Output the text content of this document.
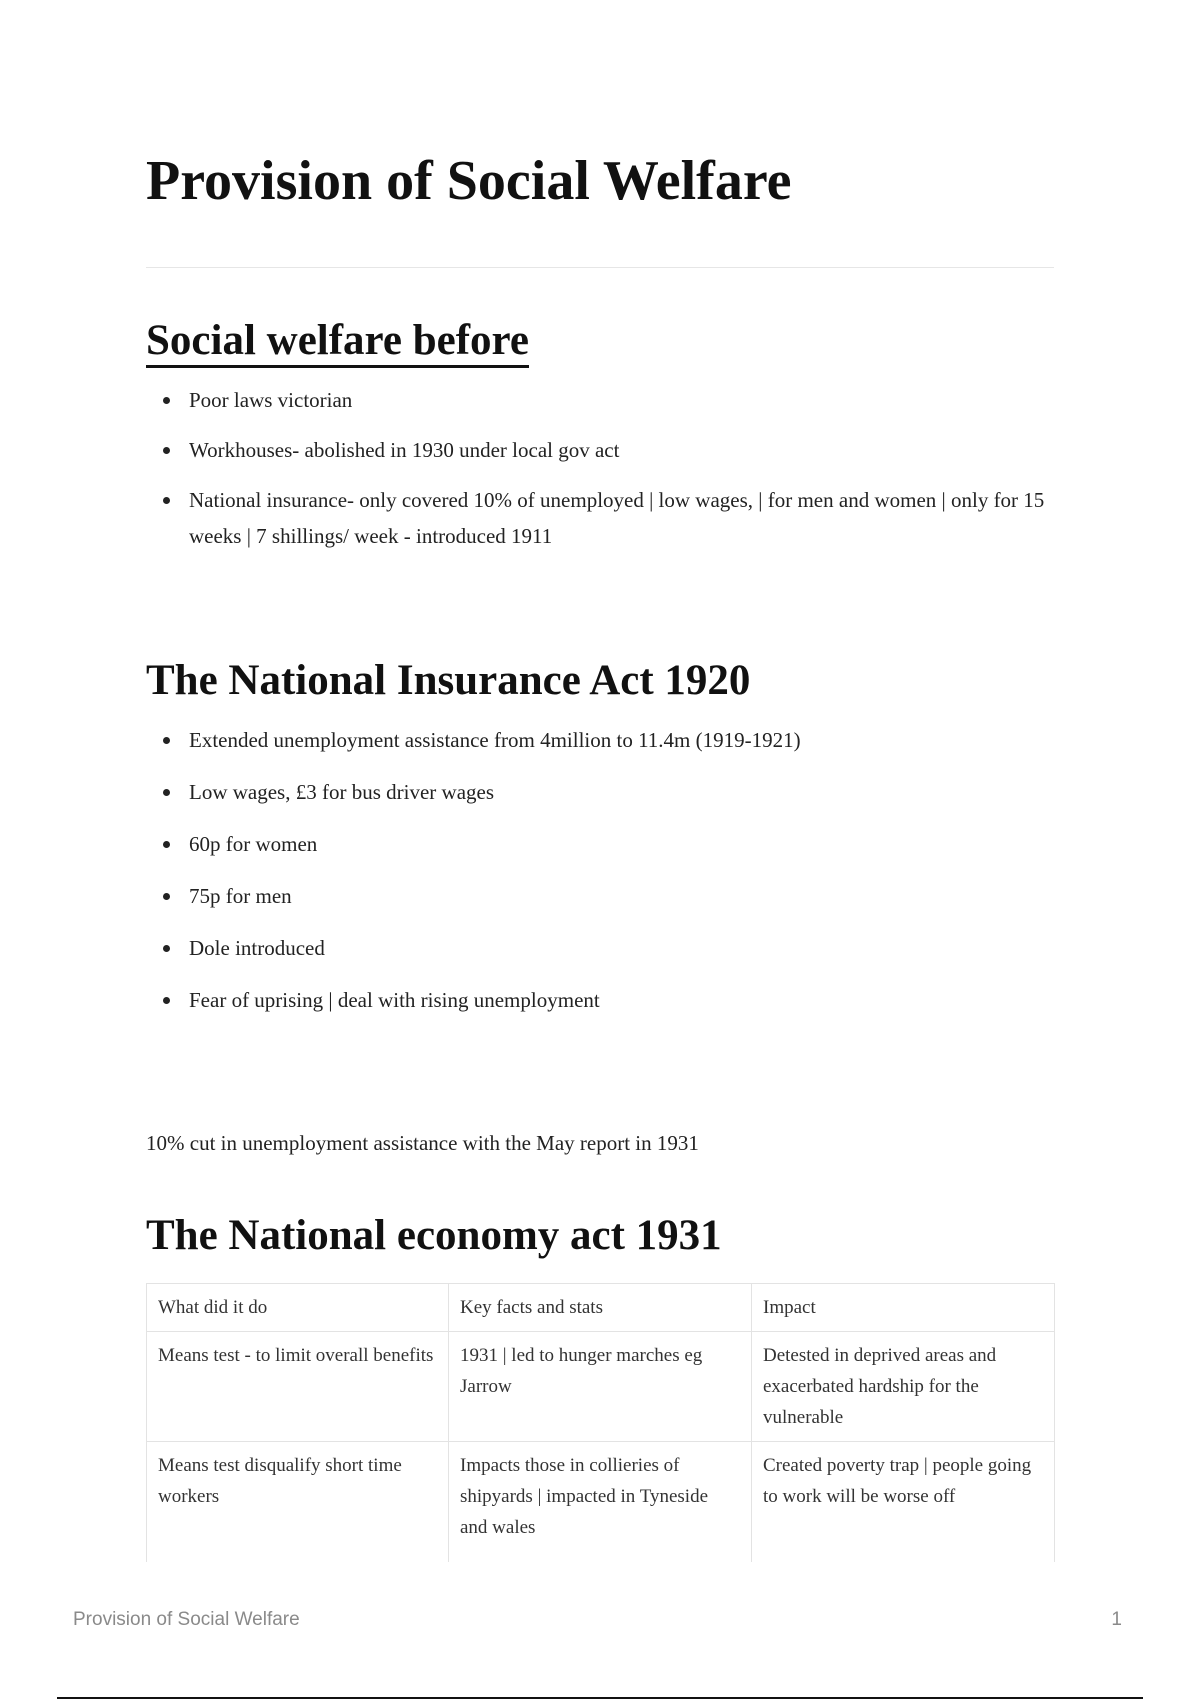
Provision of Social Welfare
Social welfare before
Poor laws victorian
Workhouses- abolished in 1930 under local gov act
National insurance- only covered 10% of unemployed | low wages, | for men and women | only for 15 weeks | 7 shillings/ week - introduced 1911
The National Insurance Act 1920
Extended unemployment assistance from 4million to 11.4m (1919-1921)
Low wages, £3 for bus driver wages
60p for women
75p for men
Dole introduced
Fear of uprising | deal with rising unemployment

10% cut in unemployment assistance with the May report in 1931

The National economy act 1931
What did it do	Key facts and stats	Impact
Means test - to limit overall benefits	1931 | led to hunger marches eg Jarrow	Detested in deprived areas and exacerbated hardship for the vulnerable
Means test disqualify short time workers	Impacts those in collieries of shipyards | impacted in Tyneside and wales	Created poverty trap | people going to work will be worse off
Provision of Social Welfare	1
